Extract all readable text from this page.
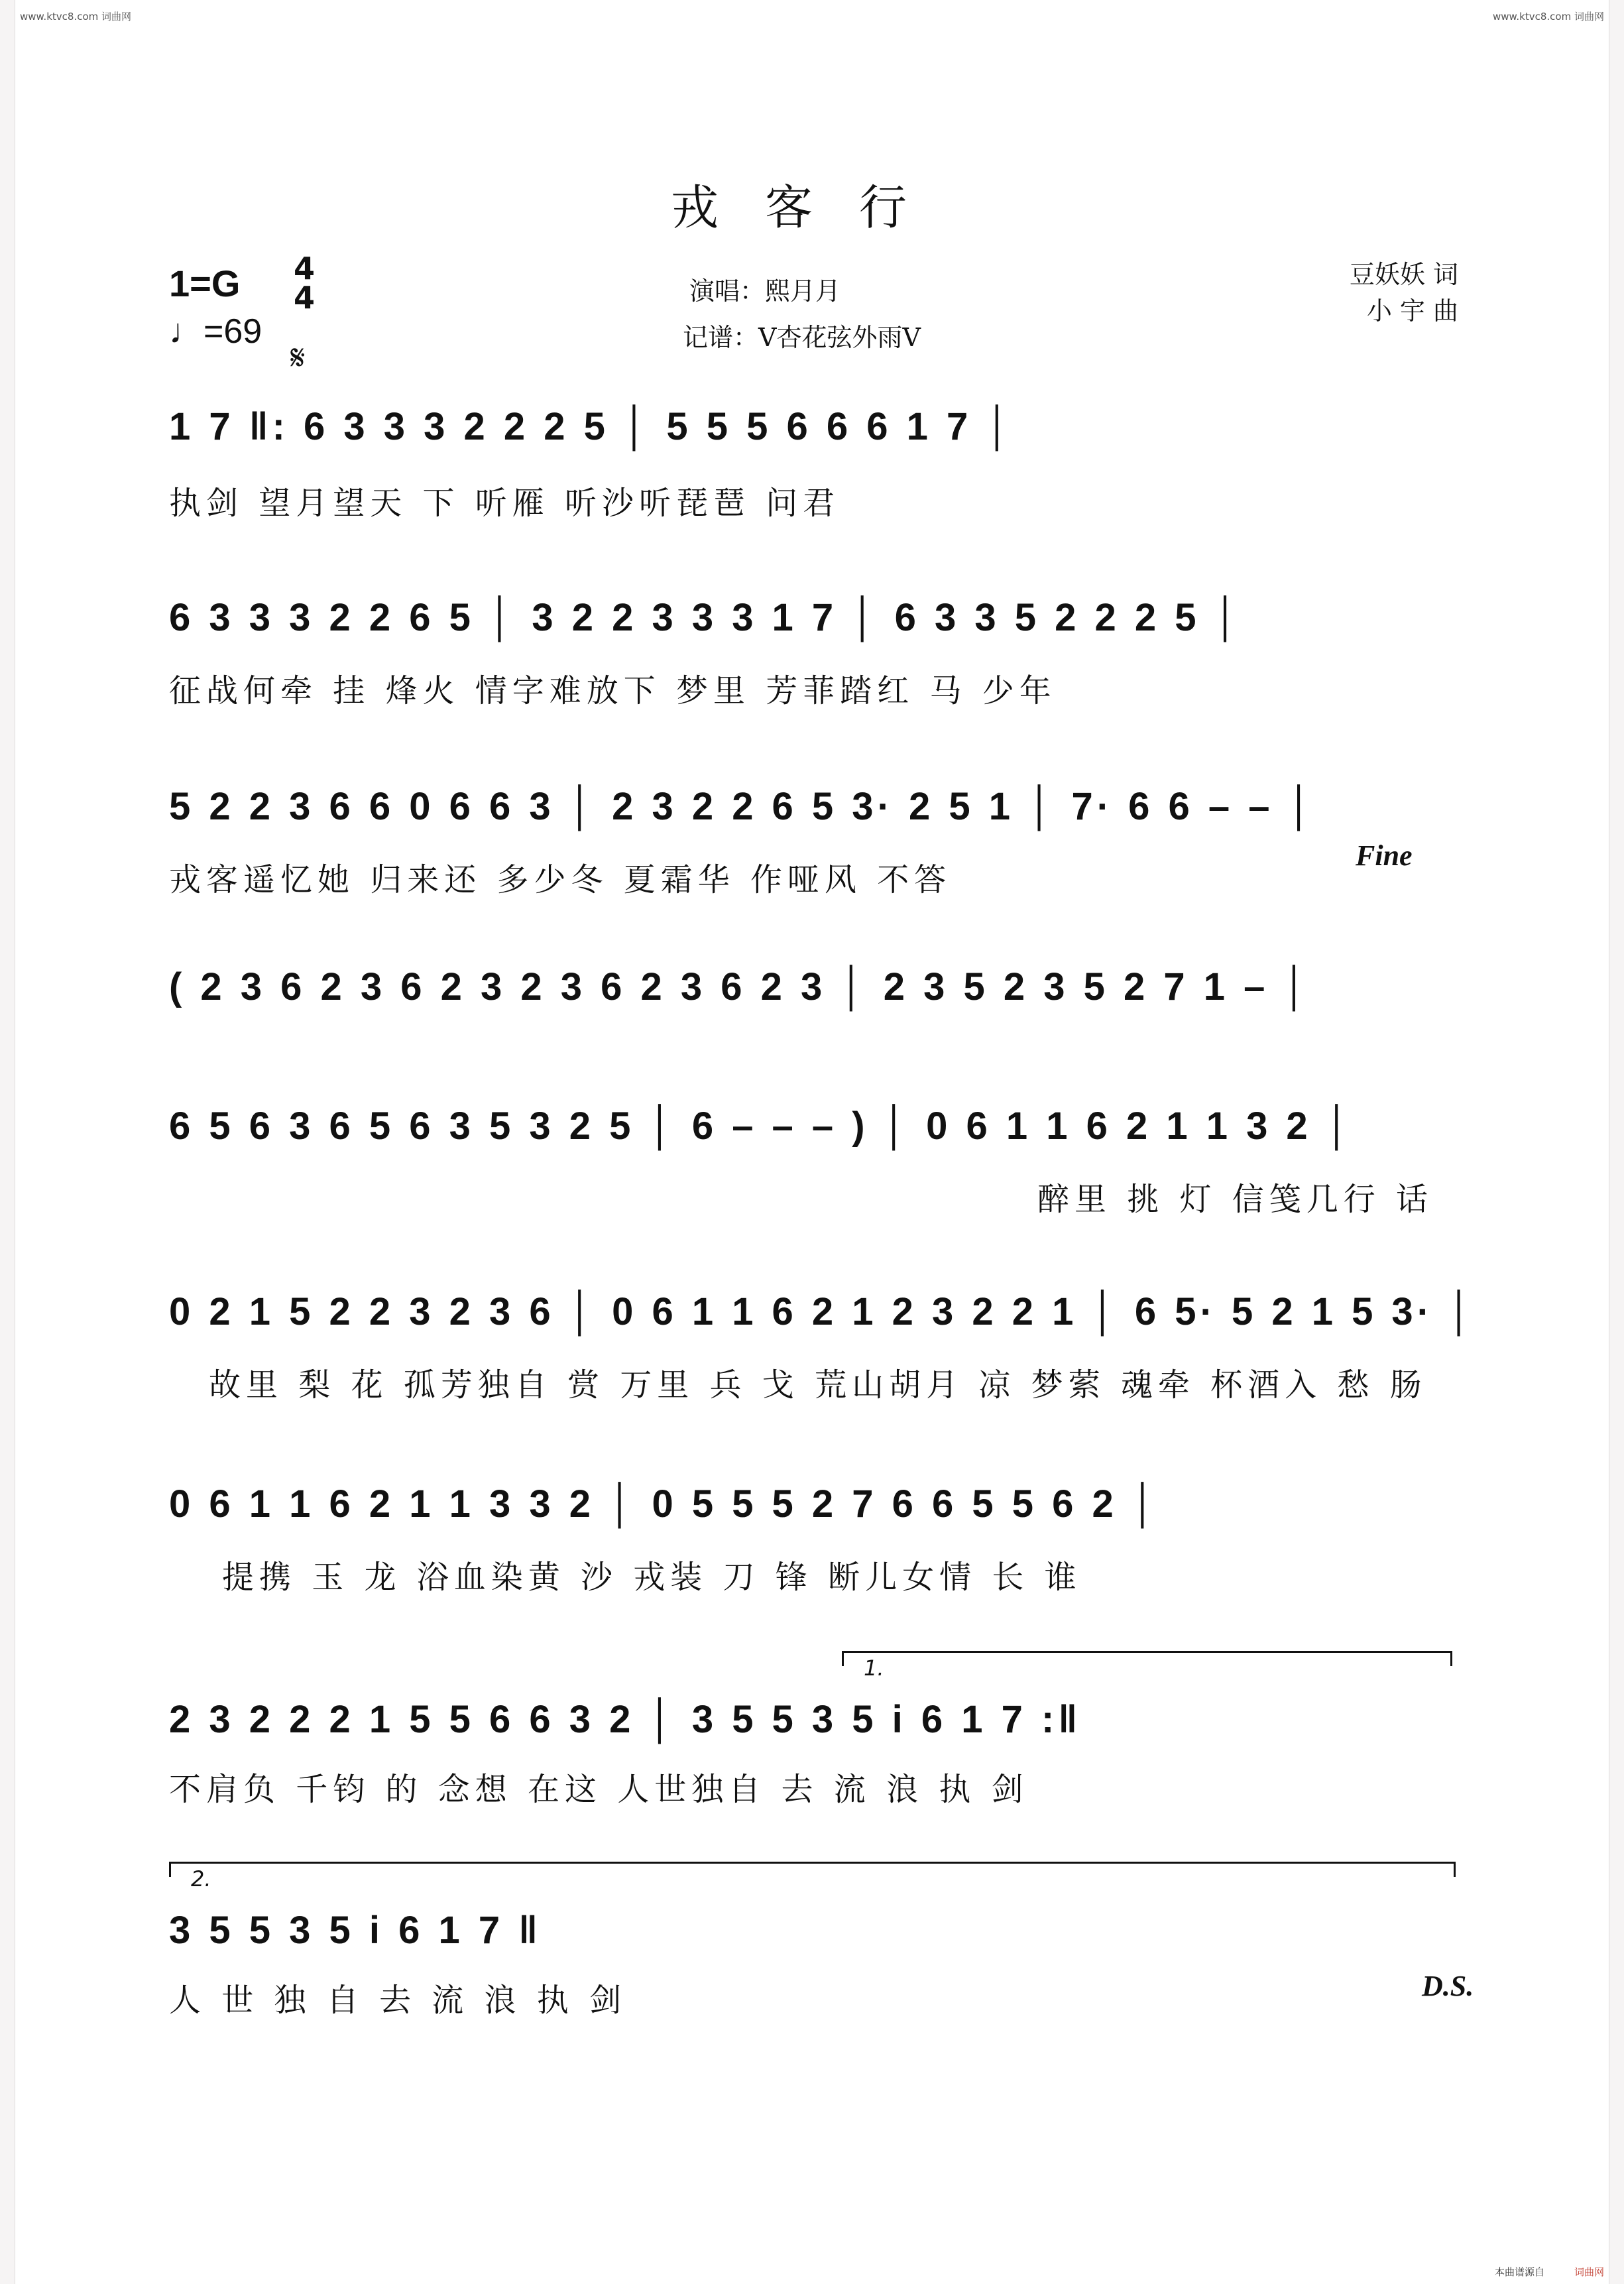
www.ktvc8.com 词曲网	www.ktvc8.com 词曲网
戎客行
1=G 4
4
♩=69
𝄋
演唱：熙月月
记谱：V杏花弦外雨V
豆妖妖 词
小 宇 曲
1 7 ‖: 6 3 3 3 2 2 2 5 │ 5 5 5 6 6 6 1 7 │
执剑 望月望天 下 听雁 听沙听琵琶 问君
6 3 3 3 2 2 6 5 │ 3 2 2 3 3 3 1 7 │ 6 3 3 5 2 2 2 5 │
征战何牵 挂 烽火 情字难放下 梦里 芳菲踏红 马 少年
5 2 2 3 6 6 0 6 6 3 │ 2 3 2 2 6 5 3· 2 5 1 │ 7· 6 6 – – │
戎客遥忆她 归来还 多少冬 夏霜华 作哑风 不答
Fine
( 2 3 6 2 3 6 2 3 2 3 6 2 3 6 2 3 │ 2 3 5 2 3 5 2 7 1 – │
6 5 6 3 6 5 6 3 5 3 2 5 │ 6 – – – ) │ 0 6 1 1 6 2 1 1 3 2 │
醉里 挑 灯 信笺几行 话
0 2 1 5 2 2 3 2 3 6 │ 0 6 1 1 6 2 1 2 3 2 2 1 │ 6 5· 5 2 1 5 3· │
故里 梨 花 孤芳独自 赏 万里 兵 戈 荒山胡月 凉 梦萦 魂牵 杯酒入 愁 肠
0 6 1 1 6 2 1 1 3 3 2 │ 0 5 5 5 2 7 6 6 5 5 6 2 │
提携 玉 龙 浴血染黄 沙 戎装 刀 锋 断儿女情 长 谁
1.
2 3 2 2 2 1 5 5 6 6 3 2 │ 3 5 5 3 5 i 6 1 7 :‖
不肩负 千钧 的 念想 在这 人世独自 去 流 浪 执 剑
2.
3 5 5 3 5 i 6 1 7 ‖
人 世 独 自 去 流 浪 执 剑	D.S.
本曲谱源自	词曲网
